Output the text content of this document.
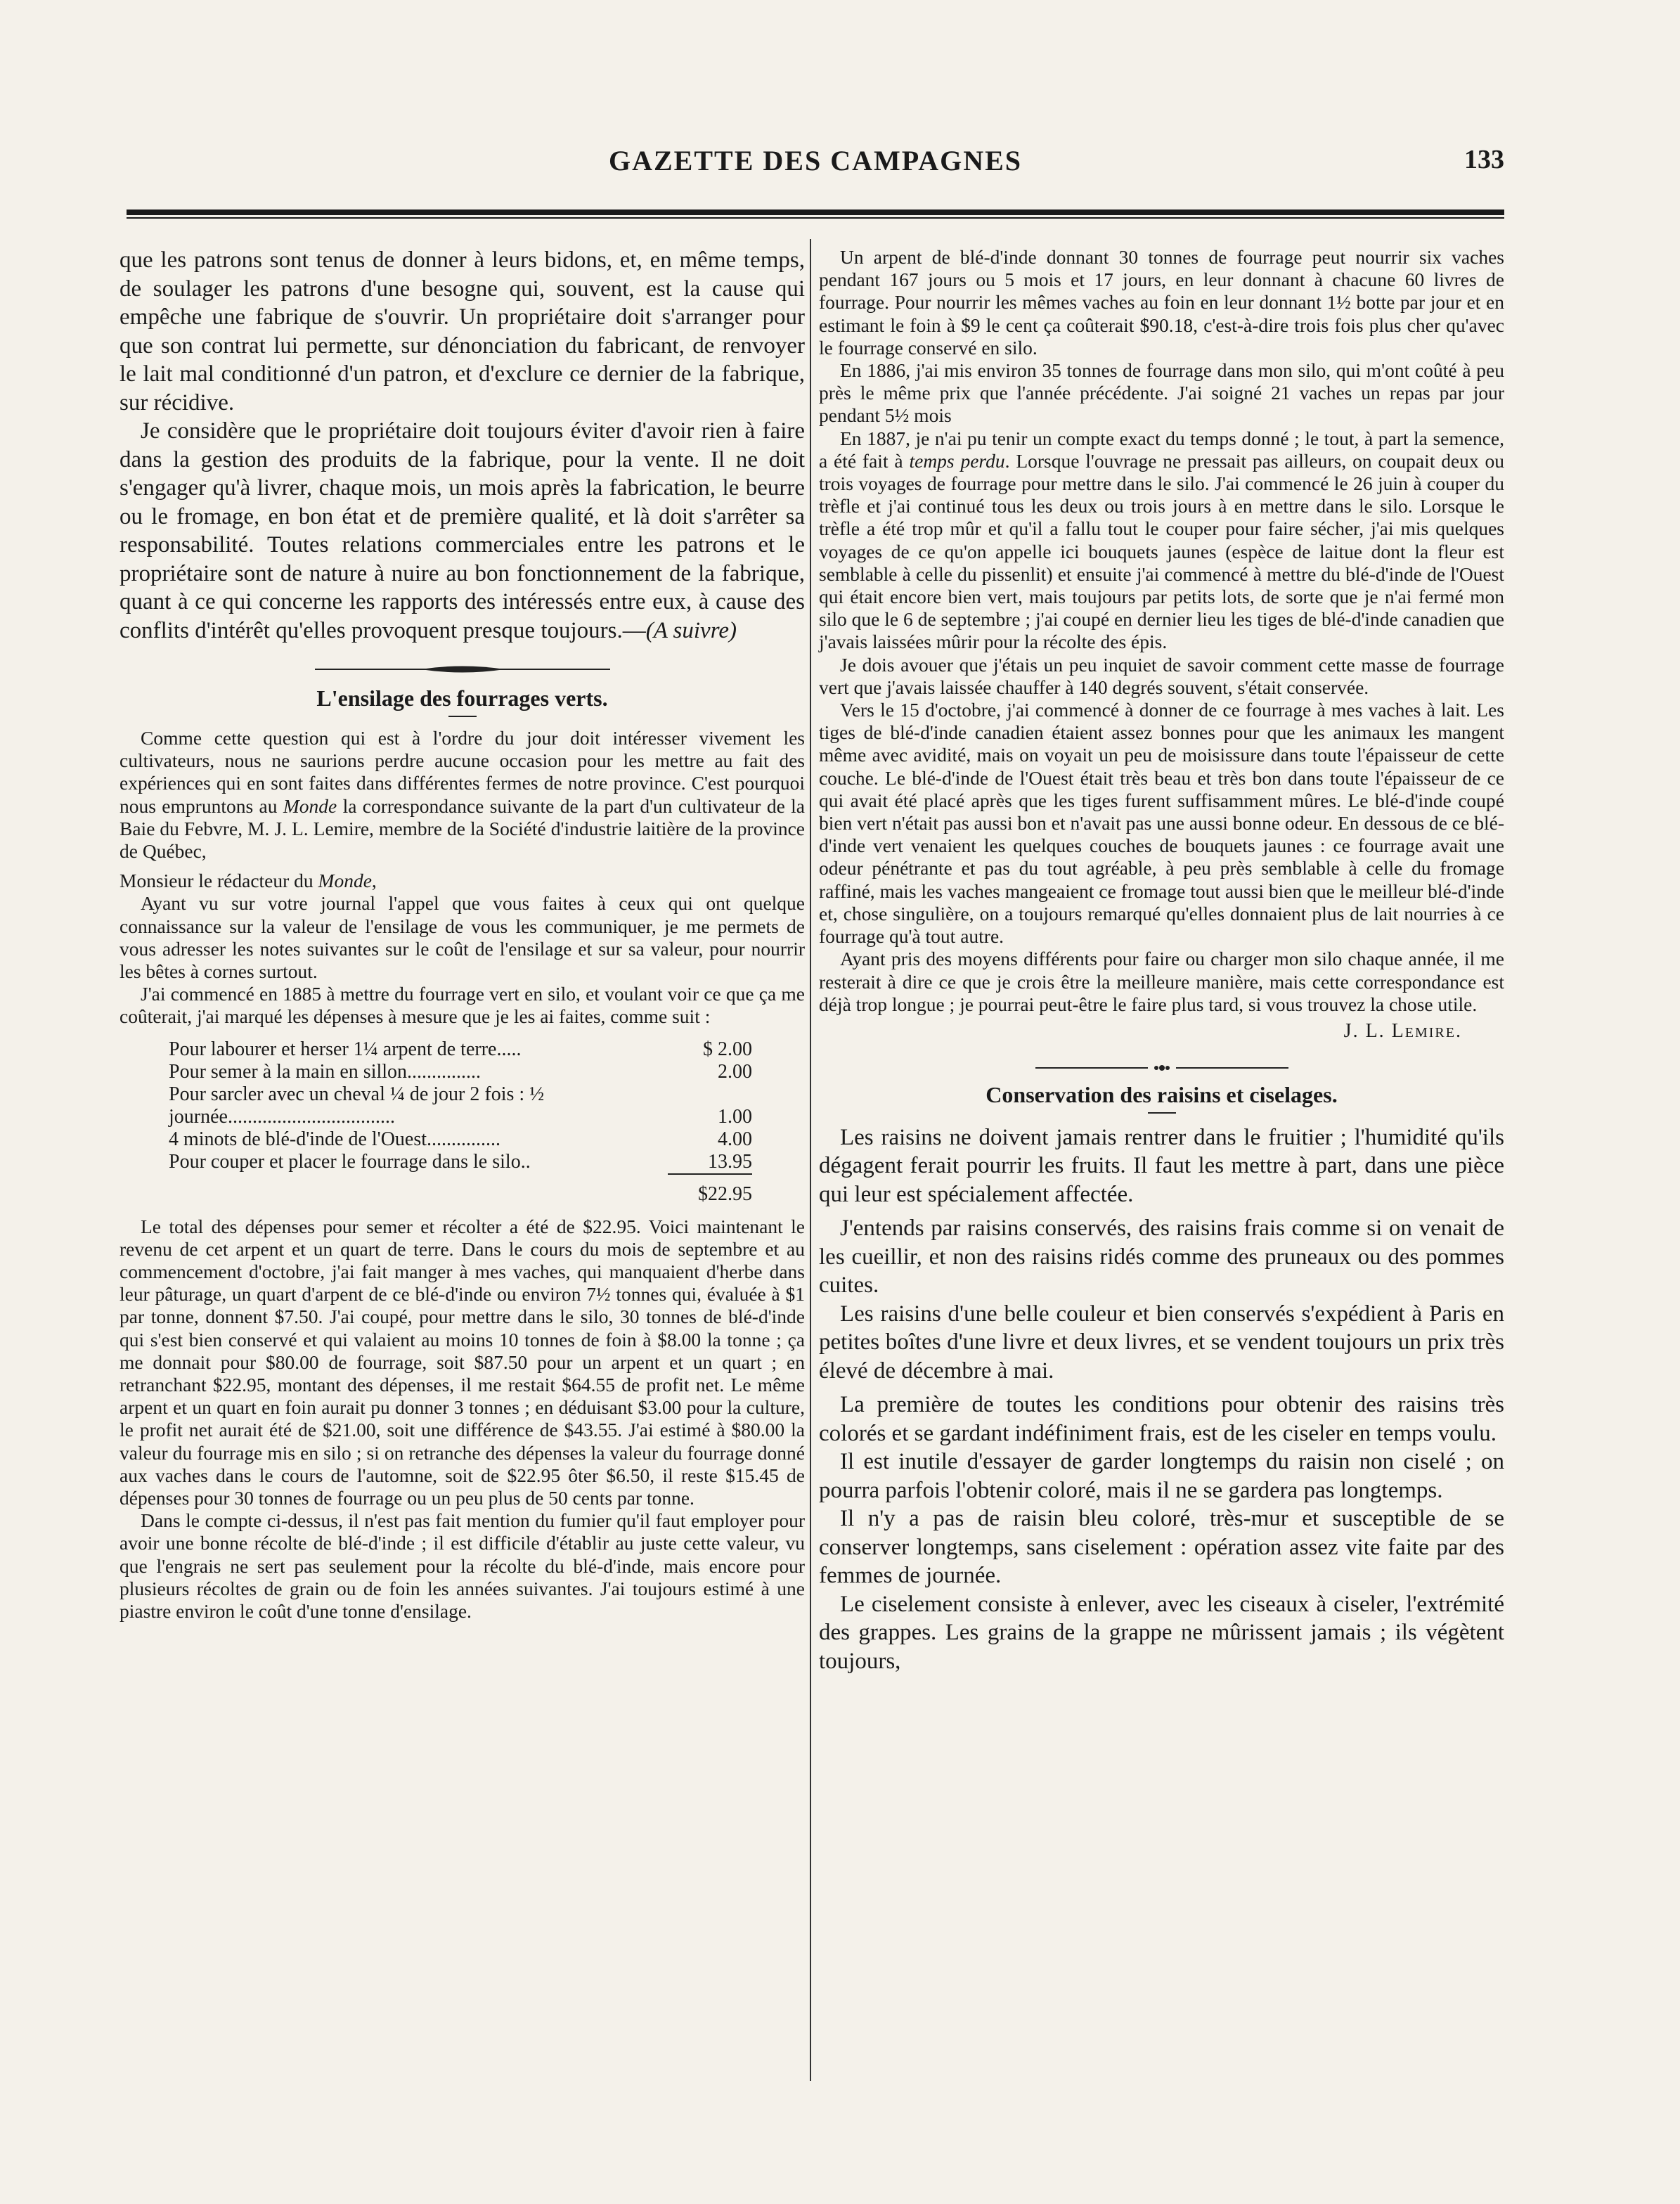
GAZETTE DES CAMPAGNES	133

que les patrons sont tenus de donner à leurs bidons, et, en même temps, de soulager les patrons d'une besogne qui, souvent, est la cause qui empêche une fabrique de s'ouvrir. Un propriétaire doit s'arranger pour que son contrat lui permette, sur dénonciation du fabricant, de renvoyer le lait mal conditionné d'un patron, et d'exclure ce dernier de la fabrique, sur récidive.

Je considère que le propriétaire doit toujours éviter d'avoir rien à faire dans la gestion des produits de la fabrique, pour la vente. Il ne doit s'engager qu'à livrer, chaque mois, un mois après la fabrication, le beurre ou le fromage, en bon état et de première qualité, et là doit s'arrêter sa responsabilité. Toutes relations commerciales entre les patrons et le propriétaire sont de nature à nuire au bon fonctionnement de la fabrique, quant à ce qui concerne les rapports des intéressés entre eux, à cause des conflits d'intérêt qu'elles provoquent presque toujours.—(A suivre)

L'ensilage des fourrages verts.

Comme cette question qui est à l'ordre du jour doit intéresser vivement les cultivateurs, nous ne saurions perdre aucune occasion pour les mettre au fait des expériences qui en sont faites dans différentes fermes de notre province. C'est pourquoi nous empruntons au Monde la correspondance suivante de la part d'un cultivateur de la Baie du Febvre, M. J. L. Lemire, membre de la Société d'industrie laitière de la province de Québec,

Monsieur le rédacteur du Monde,

Ayant vu sur votre journal l'appel que vous faites à ceux qui ont quelque connaissance sur la valeur de l'ensilage de vous les communiquer, je me permets de vous adresser les notes suivantes sur le coût de l'ensilage et sur sa valeur, pour nourrir les bêtes à cornes surtout.

J'ai commencé en 1885 à mettre du fourrage vert en silo, et voulant voir ce que ça me coûterait, j'ai marqué les dépenses à mesure que je les ai faites, comme suit :

Pour labourer et herser 1¼ arpent de terre.....	$ 2.00
Pour semer à la main en sillon...............	2.00
Pour sarcler avec un cheval ¼ de jour 2 fois : ½ journée..................................	1.00
4 minots de blé-d'inde de l'Ouest...............	4.00
Pour couper et placer le fourrage dans le silo..	13.95
	$22.95

Le total des dépenses pour semer et récolter a été de $22.95. Voici maintenant le revenu de cet arpent et un quart de terre. Dans le cours du mois de septembre et au commencement d'octobre, j'ai fait manger à mes vaches, qui manquaient d'herbe dans leur pâturage, un quart d'arpent de ce blé-d'inde ou environ 7½ tonnes qui, évaluée à $1 par tonne, donnent $7.50. J'ai coupé, pour mettre dans le silo, 30 tonnes de blé-d'inde qui s'est bien conservé et qui valaient au moins 10 tonnes de foin à $8.00 la tonne ; ça me donnait pour $80.00 de fourrage, soit $87.50 pour un arpent et un quart ; en retranchant $22.95, montant des dépenses, il me restait $64.55 de profit net. Le même arpent et un quart en foin aurait pu donner 3 tonnes ; en déduisant $3.00 pour la culture, le profit net aurait été de $21.00, soit une différence de $43.55. J'ai estimé à $80.00 la valeur du fourrage mis en silo ; si on retranche des dépenses la valeur du fourrage donné aux vaches dans le cours de l'automne, soit de $22.95 ôter $6.50, il reste $15.45 de dépenses pour 30 tonnes de fourrage ou un peu plus de 50 cents par tonne.

Dans le compte ci-dessus, il n'est pas fait mention du fumier qu'il faut employer pour avoir une bonne récolte de blé-d'inde ; il est difficile d'établir au juste cette valeur, vu que l'engrais ne sert pas seulement pour la récolte du blé-d'inde, mais encore pour plusieurs récoltes de grain ou de foin les années suivantes. J'ai toujours estimé à une piastre environ le coût d'une tonne d'ensilage.

Un arpent de blé-d'inde donnant 30 tonnes de fourrage peut nourrir six vaches pendant 167 jours ou 5 mois et 17 jours, en leur donnant à chacune 60 livres de fourrage. Pour nourrir les mêmes vaches au foin en leur donnant 1½ botte par jour et en estimant le foin à $9 le cent ça coûterait $90.18, c'est-à-dire trois fois plus cher qu'avec le fourrage conservé en silo.

En 1886, j'ai mis environ 35 tonnes de fourrage dans mon silo, qui m'ont coûté à peu près le même prix que l'année précédente. J'ai soigné 21 vaches un repas par jour pendant 5½ mois

En 1887, je n'ai pu tenir un compte exact du temps donné ; le tout, à part la semence, a été fait à temps perdu. Lorsque l'ouvrage ne pressait pas ailleurs, on coupait deux ou trois voyages de fourrage pour mettre dans le silo. J'ai commencé le 26 juin à couper du trèfle et j'ai continué tous les deux ou trois jours à en mettre dans le silo. Lorsque le trèfle a été trop mûr et qu'il a fallu tout le couper pour faire sécher, j'ai mis quelques voyages de ce qu'on appelle ici bouquets jaunes (espèce de laitue dont la fleur est semblable à celle du pissenlit) et ensuite j'ai commencé à mettre du blé-d'inde de l'Ouest qui était encore bien vert, mais toujours par petits lots, de sorte que je n'ai fermé mon silo que le 6 de septembre ; j'ai coupé en dernier lieu les tiges de blé-d'inde canadien que j'avais laissées mûrir pour la récolte des épis.

Je dois avouer que j'étais un peu inquiet de savoir comment cette masse de fourrage vert que j'avais laissée chauffer à 140 degrés souvent, s'était conservée.

Vers le 15 d'octobre, j'ai commencé à donner de ce fourrage à mes vaches à lait. Les tiges de blé-d'inde canadien étaient assez bonnes pour que les animaux les mangent même avec avidité, mais on voyait un peu de moisissure dans toute l'épaisseur de cette couche. Le blé-d'inde de l'Ouest était très beau et très bon dans toute l'épaisseur de ce qui avait été placé après que les tiges furent suffisamment mûres. Le blé-d'inde coupé bien vert n'était pas aussi bon et n'avait pas une aussi bonne odeur. En dessous de ce blé-d'inde vert venaient les quelques couches de bouquets jaunes : ce fourrage avait une odeur pénétrante et pas du tout agréable, à peu près semblable à celle du fromage raffiné, mais les vaches mangeaient ce fromage tout aussi bien que le meilleur blé-d'inde et, chose singulière, on a toujours remarqué qu'elles donnaient plus de lait nourries à ce fourrage qu'à tout autre.

Ayant pris des moyens différents pour faire ou charger mon silo chaque année, il me resterait à dire ce que je crois être la meilleure manière, mais cette correspondance est déjà trop longue ; je pourrai peut-être le faire plus tard, si vous trouvez la chose utile.

J. L. Lemire.
Conservation des raisins et ciselages.

Les raisins ne doivent jamais rentrer dans le fruitier ; l'humidité qu'ils dégagent ferait pourrir les fruits. Il faut les mettre à part, dans une pièce qui leur est spécialement affectée.

J'entends par raisins conservés, des raisins frais comme si on venait de les cueillir, et non des raisins ridés comme des pruneaux ou des pommes cuites.

Les raisins d'une belle couleur et bien conservés s'expédient à Paris en petites boîtes d'une livre et deux livres, et se vendent toujours un prix très élevé de décembre à mai.

La première de toutes les conditions pour obtenir des raisins très colorés et se gardant indéfiniment frais, est de les ciseler en temps voulu.

Il est inutile d'essayer de garder longtemps du raisin non ciselé ; on pourra parfois l'obtenir coloré, mais il ne se gardera pas longtemps.

Il n'y a pas de raisin bleu coloré, très-mur et susceptible de se conserver longtemps, sans ciselement : opération assez vite faite par des femmes de journée.

Le ciselement consiste à enlever, avec les ciseaux à ciseler, l'extrémité des grappes. Les grains de la grappe ne mûrissent jamais ; ils végètent toujours,
